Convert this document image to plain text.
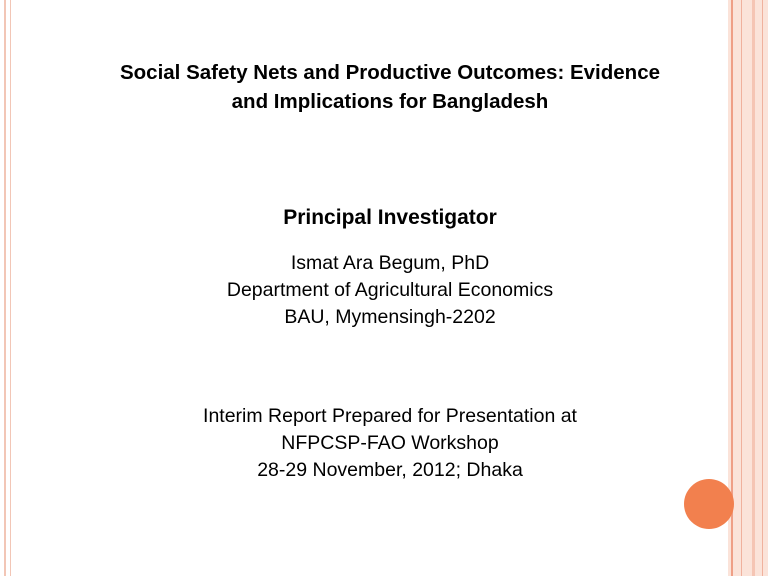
Social Safety Nets and Productive Outcomes: Evidence
and Implications for Bangladesh
Principal Investigator
Ismat Ara Begum, PhD
Department of Agricultural Economics
BAU, Mymensingh-2202
Interim Report Prepared for Presentation at
NFPCSP-FAO Workshop
28-29 November, 2012; Dhaka
